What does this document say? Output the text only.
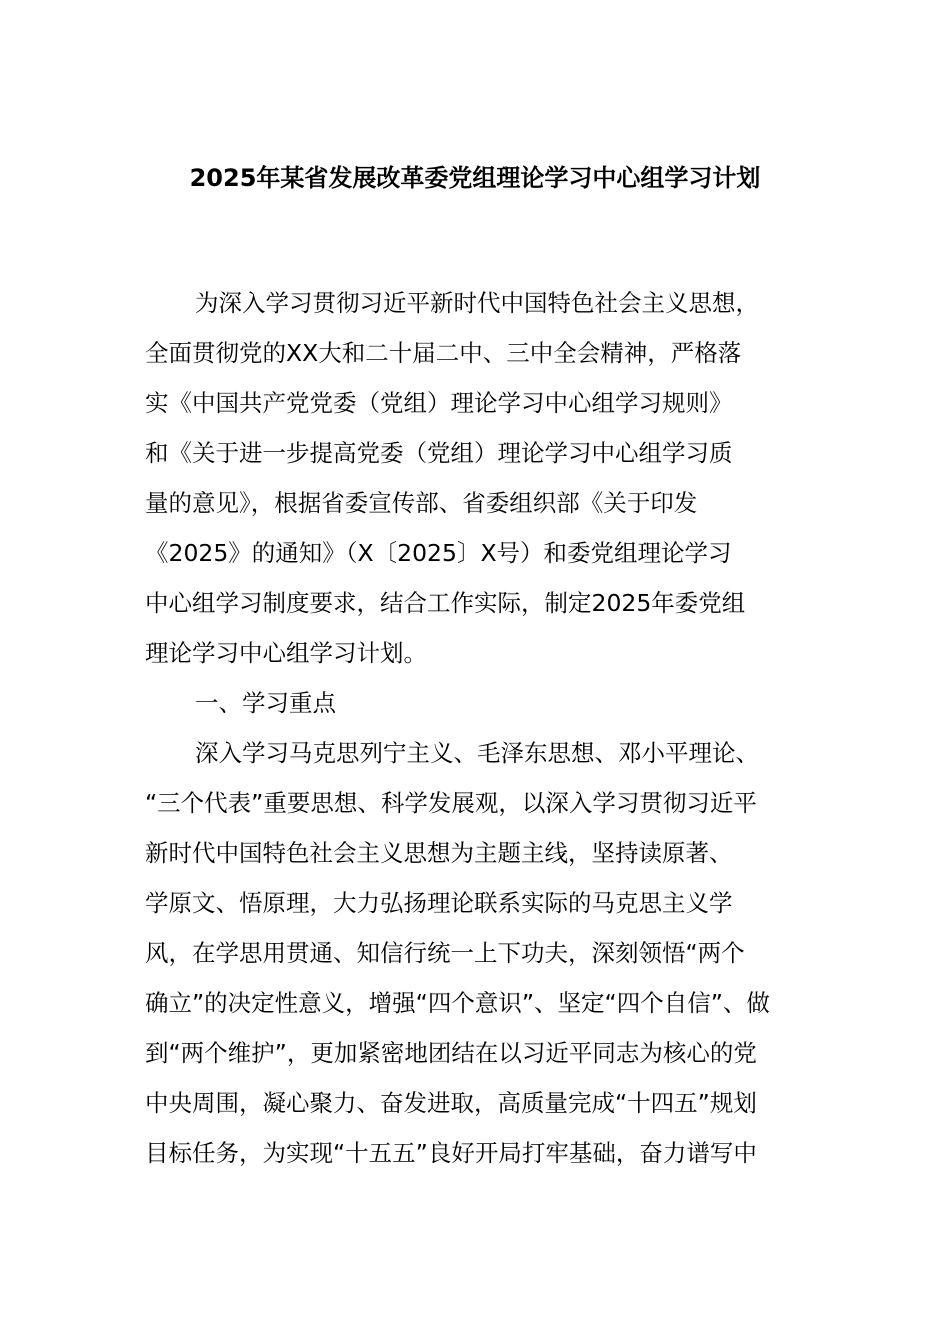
2025年某省发展改革委党组理论学习中心组学习计划
为深入学习贯彻习近平新时代中国特色社会主义思想，
全面贯彻党的XX大和二十届二中、三中全会精神，严格落
实《中国共产党党委（党组）理论学习中心组学习规则》
和《关于进一步提高党委（党组）理论学习中心组学习质
量的意见》，根据省委宣传部、省委组织部《关于印发
《2025》的通知》（X〔2025〕X号）和委党组理论学习
中心组学习制度要求，结合工作实际，制定2025年委党组
理论学习中心组学习计划。
一、学习重点
深入学习马克思列宁主义、毛泽东思想、邓小平理论、
“三个代表”重要思想、科学发展观，以深入学习贯彻习近平
新时代中国特色社会主义思想为主题主线，坚持读原著、
学原文、悟原理，大力弘扬理论联系实际的马克思主义学
风，在学思用贯通、知信行统一上下功夫，深刻领悟“两个
确立”的决定性意义，增强“四个意识”、坚定“四个自信”、做
到“两个维护”，更加紧密地团结在以习近平同志为核心的党
中央周围，凝心聚力、奋发进取，高质量完成“十四五”规划
目标任务，为实现“十五五”良好开局打牢基础，奋力谱写中
